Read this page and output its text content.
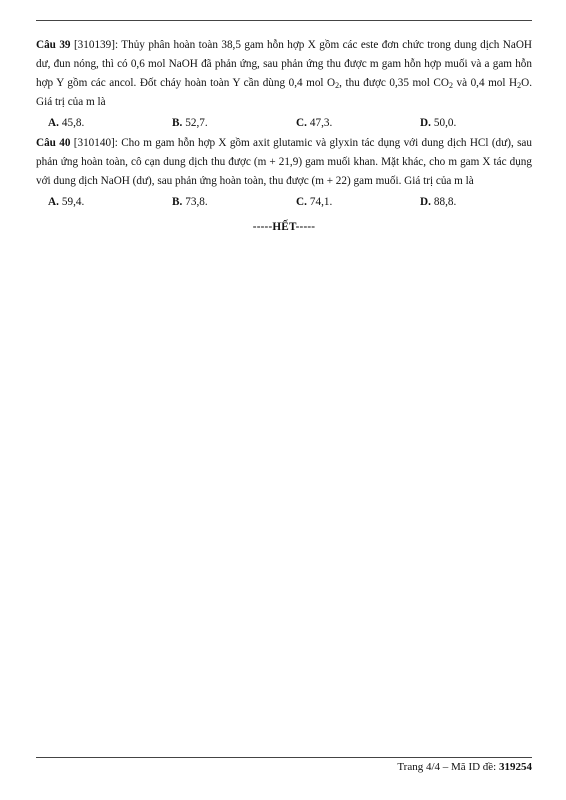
Câu 39 [310139]: Thủy phân hoàn toàn 38,5 gam hỗn hợp X gồm các este đơn chức trong dung dịch NaOH dư, đun nóng, thì có 0,6 mol NaOH đã phản ứng, sau phản ứng thu được m gam hỗn hợp muối và a gam hỗn hợp Y gồm các ancol. Đốt cháy hoàn toàn Y cần dùng 0,4 mol $O_2$, thu được 0,35 mol $CO_2$ và 0,4 mol $H_2O$. Giá trị của m là

A. 45,8.	B. 52,7.	C. 47,3.	D. 50,0.

Câu 40 [310140]: Cho m gam hỗn hợp X gồm axit glutamic và glyxin tác dụng với dung dịch HCl (dư), sau phản ứng hoàn toàn, cô cạn dung dịch thu được (m + 21,9) gam muối khan. Mặt khác, cho m gam X tác dụng với dung dịch NaOH (dư), sau phản ứng hoàn toàn, thu được (m + 22) gam muối. Giá trị của m là

A. 59,4.	B. 73,8.	C. 74,1.	D. 88,8.
-----HẾT-----
Trang 4/4 – Mã ID đề: 319254
